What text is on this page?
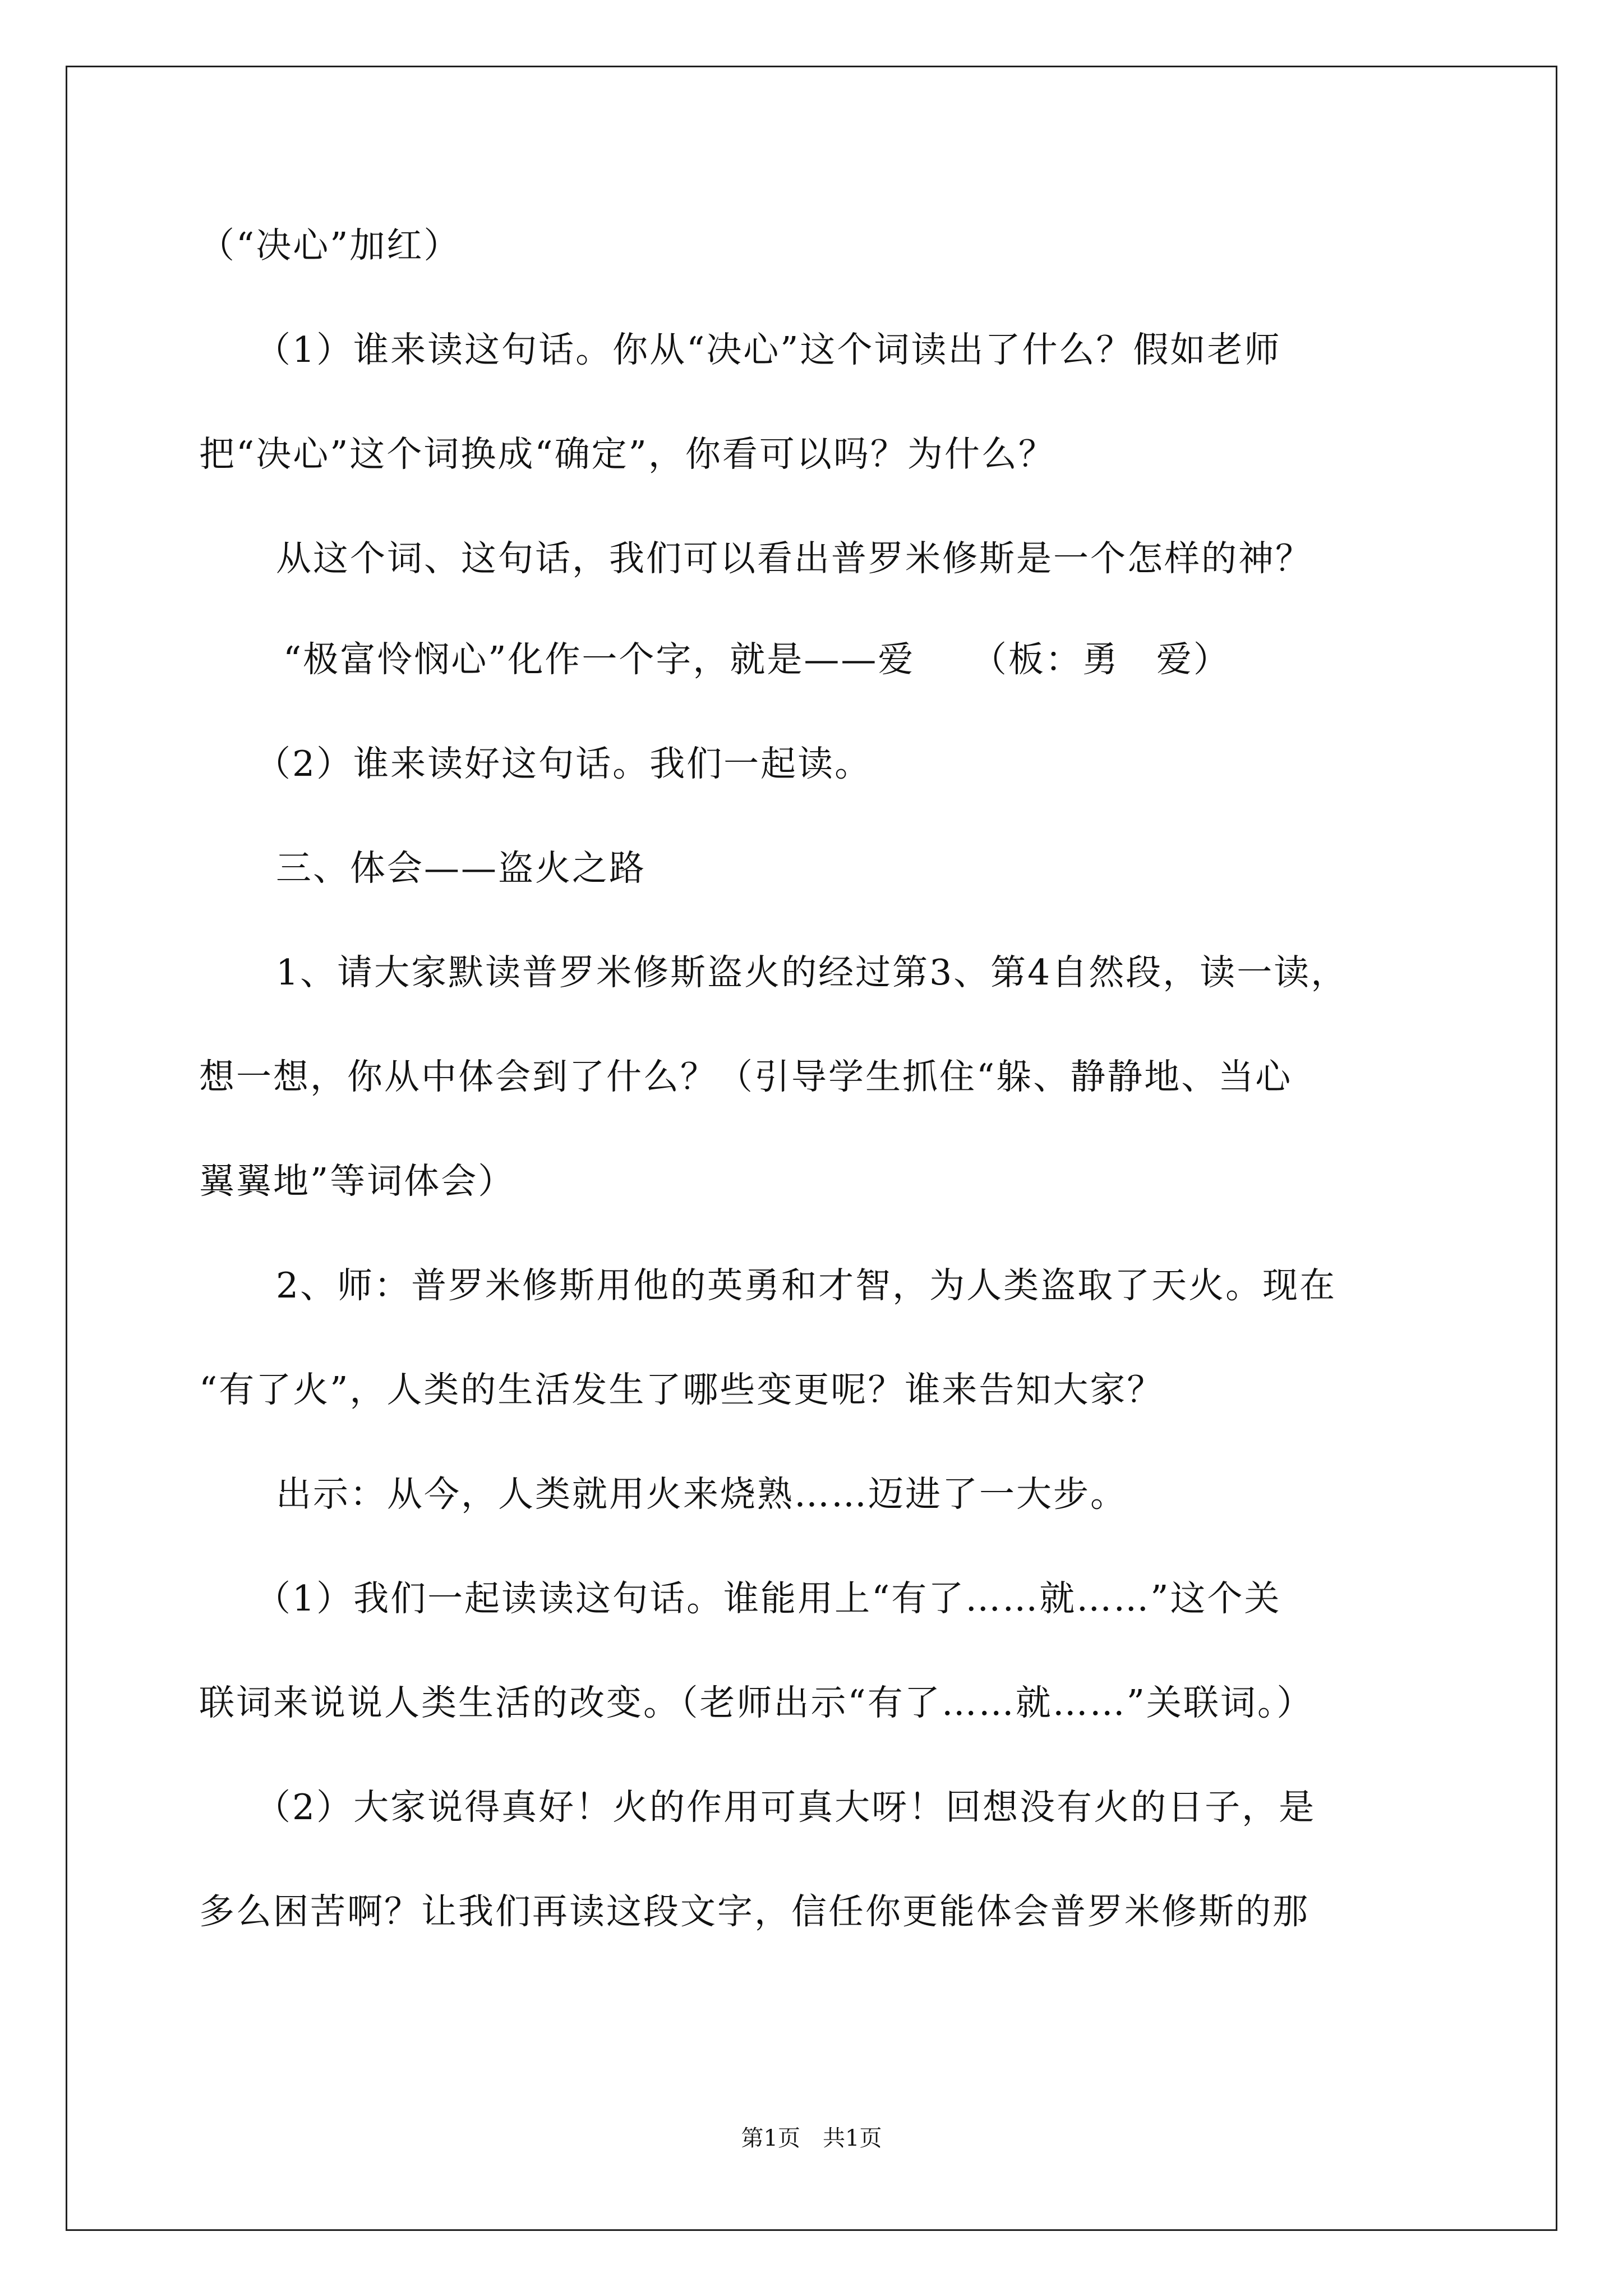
（“决心”加红）
（1）谁来读这句话。你从“决心”这个词读出了什么？假如老师
把“决心”这个词换成“确定”，你看可以吗？为什么？
从这个词、这句话，我们可以看出普罗米修斯是一个怎样的神？
“极富怜悯心”化作一个字，就是——爱　　（板：勇　爱）
（2）谁来读好这句话。我们一起读。
三、体会——盗火之路
1、请大家默读普罗米修斯盗火的经过第3、第4自然段，读一读，
想一想，你从中体会到了什么？（引导学生抓住“躲、静静地、当心
翼翼地”等词体会）
2、师：普罗米修斯用他的英勇和才智，为人类盗取了天火。现在
“有了火”，人类的生活发生了哪些变更呢？谁来告知大家？
出示：从今，人类就用火来烧熟……迈进了一大步。
（1）我们一起读读这句话。谁能用上“有了……就……”这个关
联词来说说人类生活的改变。（老师出示“有了……就……”关联词。）
（2）大家说得真好！火的作用可真大呀！回想没有火的日子，是
多么困苦啊？让我们再读这段文字，信任你更能体会普罗米修斯的那
第1页　共1页
